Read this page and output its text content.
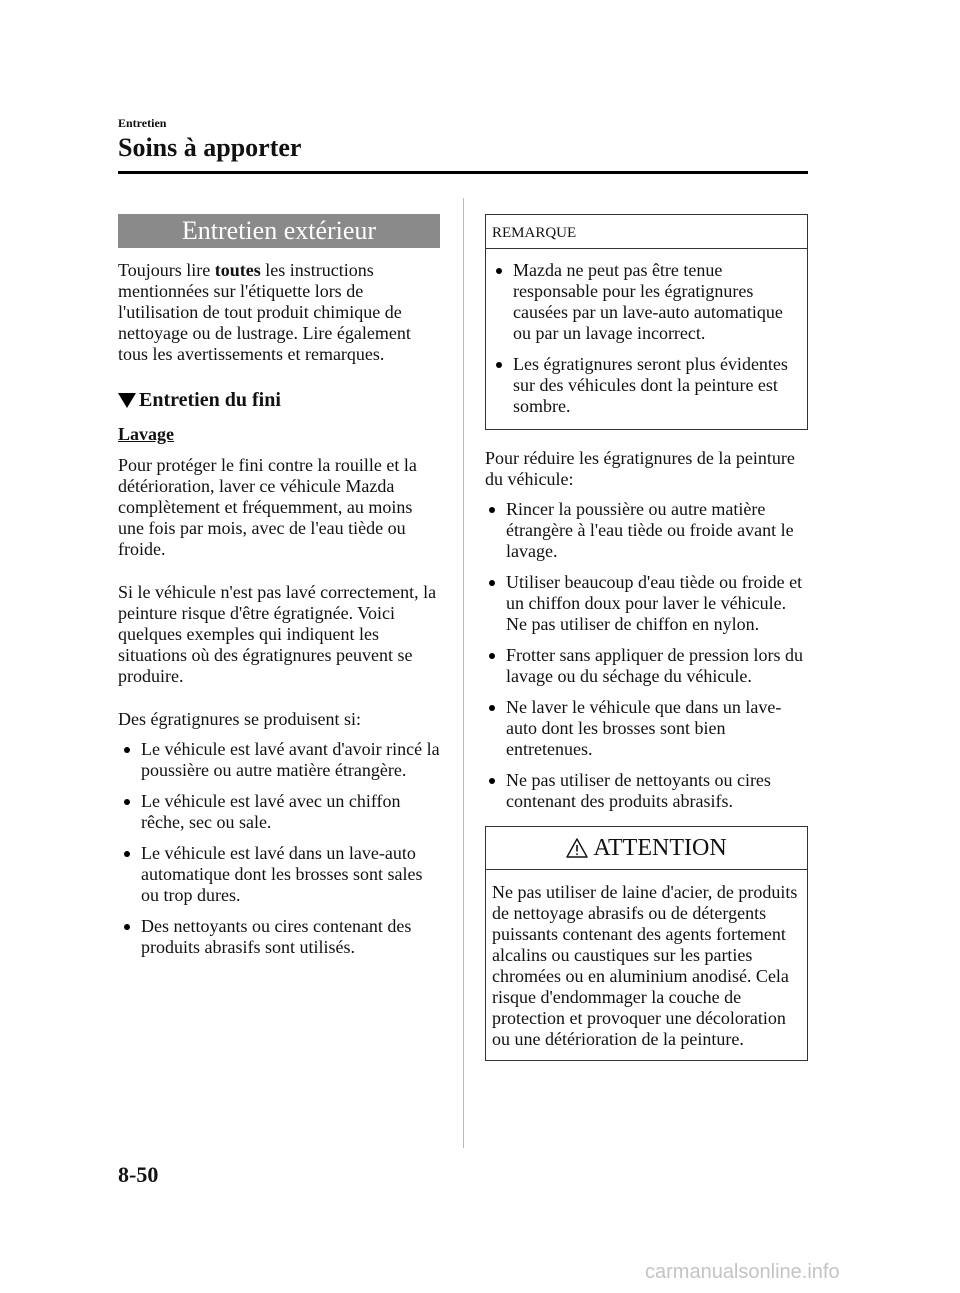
Entretien
Soins à apporter
Entretien extérieur

Toujours lire toutes les instructions mentionnées sur l'étiquette lors de l'utilisation de tout produit chimique de nettoyage ou de lustrage. Lire également tous les avertissements et remarques.

Entretien du fini
Lavage

Pour protéger le fini contre la rouille et la détérioration, laver ce véhicule Mazda complètement et fréquemment, au moins une fois par mois, avec de l'eau tiède ou froide.

Si le véhicule n'est pas lavé correctement, la peinture risque d'être égratignée. Voici quelques exemples qui indiquent les situations où des égratignures peuvent se produire.

Des égratignures se produisent si:

Le véhicule est lavé avant d'avoir rincé la poussière ou autre matière étrangère.
Le véhicule est lavé avec un chiffon rêche, sec ou sale.
Le véhicule est lavé dans un lave-auto automatique dont les brosses sont sales ou trop dures.
Des nettoyants ou cires contenant des produits abrasifs sont utilisés.
REMARQUE
Mazda ne peut pas être tenue responsable pour les égratignures causées par un lave-auto automatique ou par un lavage incorrect.
Les égratignures seront plus évidentes sur des véhicules dont la peinture est sombre.

Pour réduire les égratignures de la peinture du véhicule:

Rincer la poussière ou autre matière étrangère à l'eau tiède ou froide avant le lavage.
Utiliser beaucoup d'eau tiède ou froide et un chiffon doux pour laver le véhicule. Ne pas utiliser de chiffon en nylon.
Frotter sans appliquer de pression lors du lavage ou du séchage du véhicule.
Ne laver le véhicule que dans un lave-auto dont les brosses sont bien entretenues.
Ne pas utiliser de nettoyants ou cires contenant des produits abrasifs.
ATTENTION
Ne pas utiliser de laine d'acier, de produits de nettoyage abrasifs ou de détergents puissants contenant des agents fortement alcalins ou caustiques sur les parties chromées ou en aluminium anodisé. Cela risque d'endommager la couche de protection et provoquer une décoloration ou une détérioration de la peinture.
8-50
carmanualsonline.info
